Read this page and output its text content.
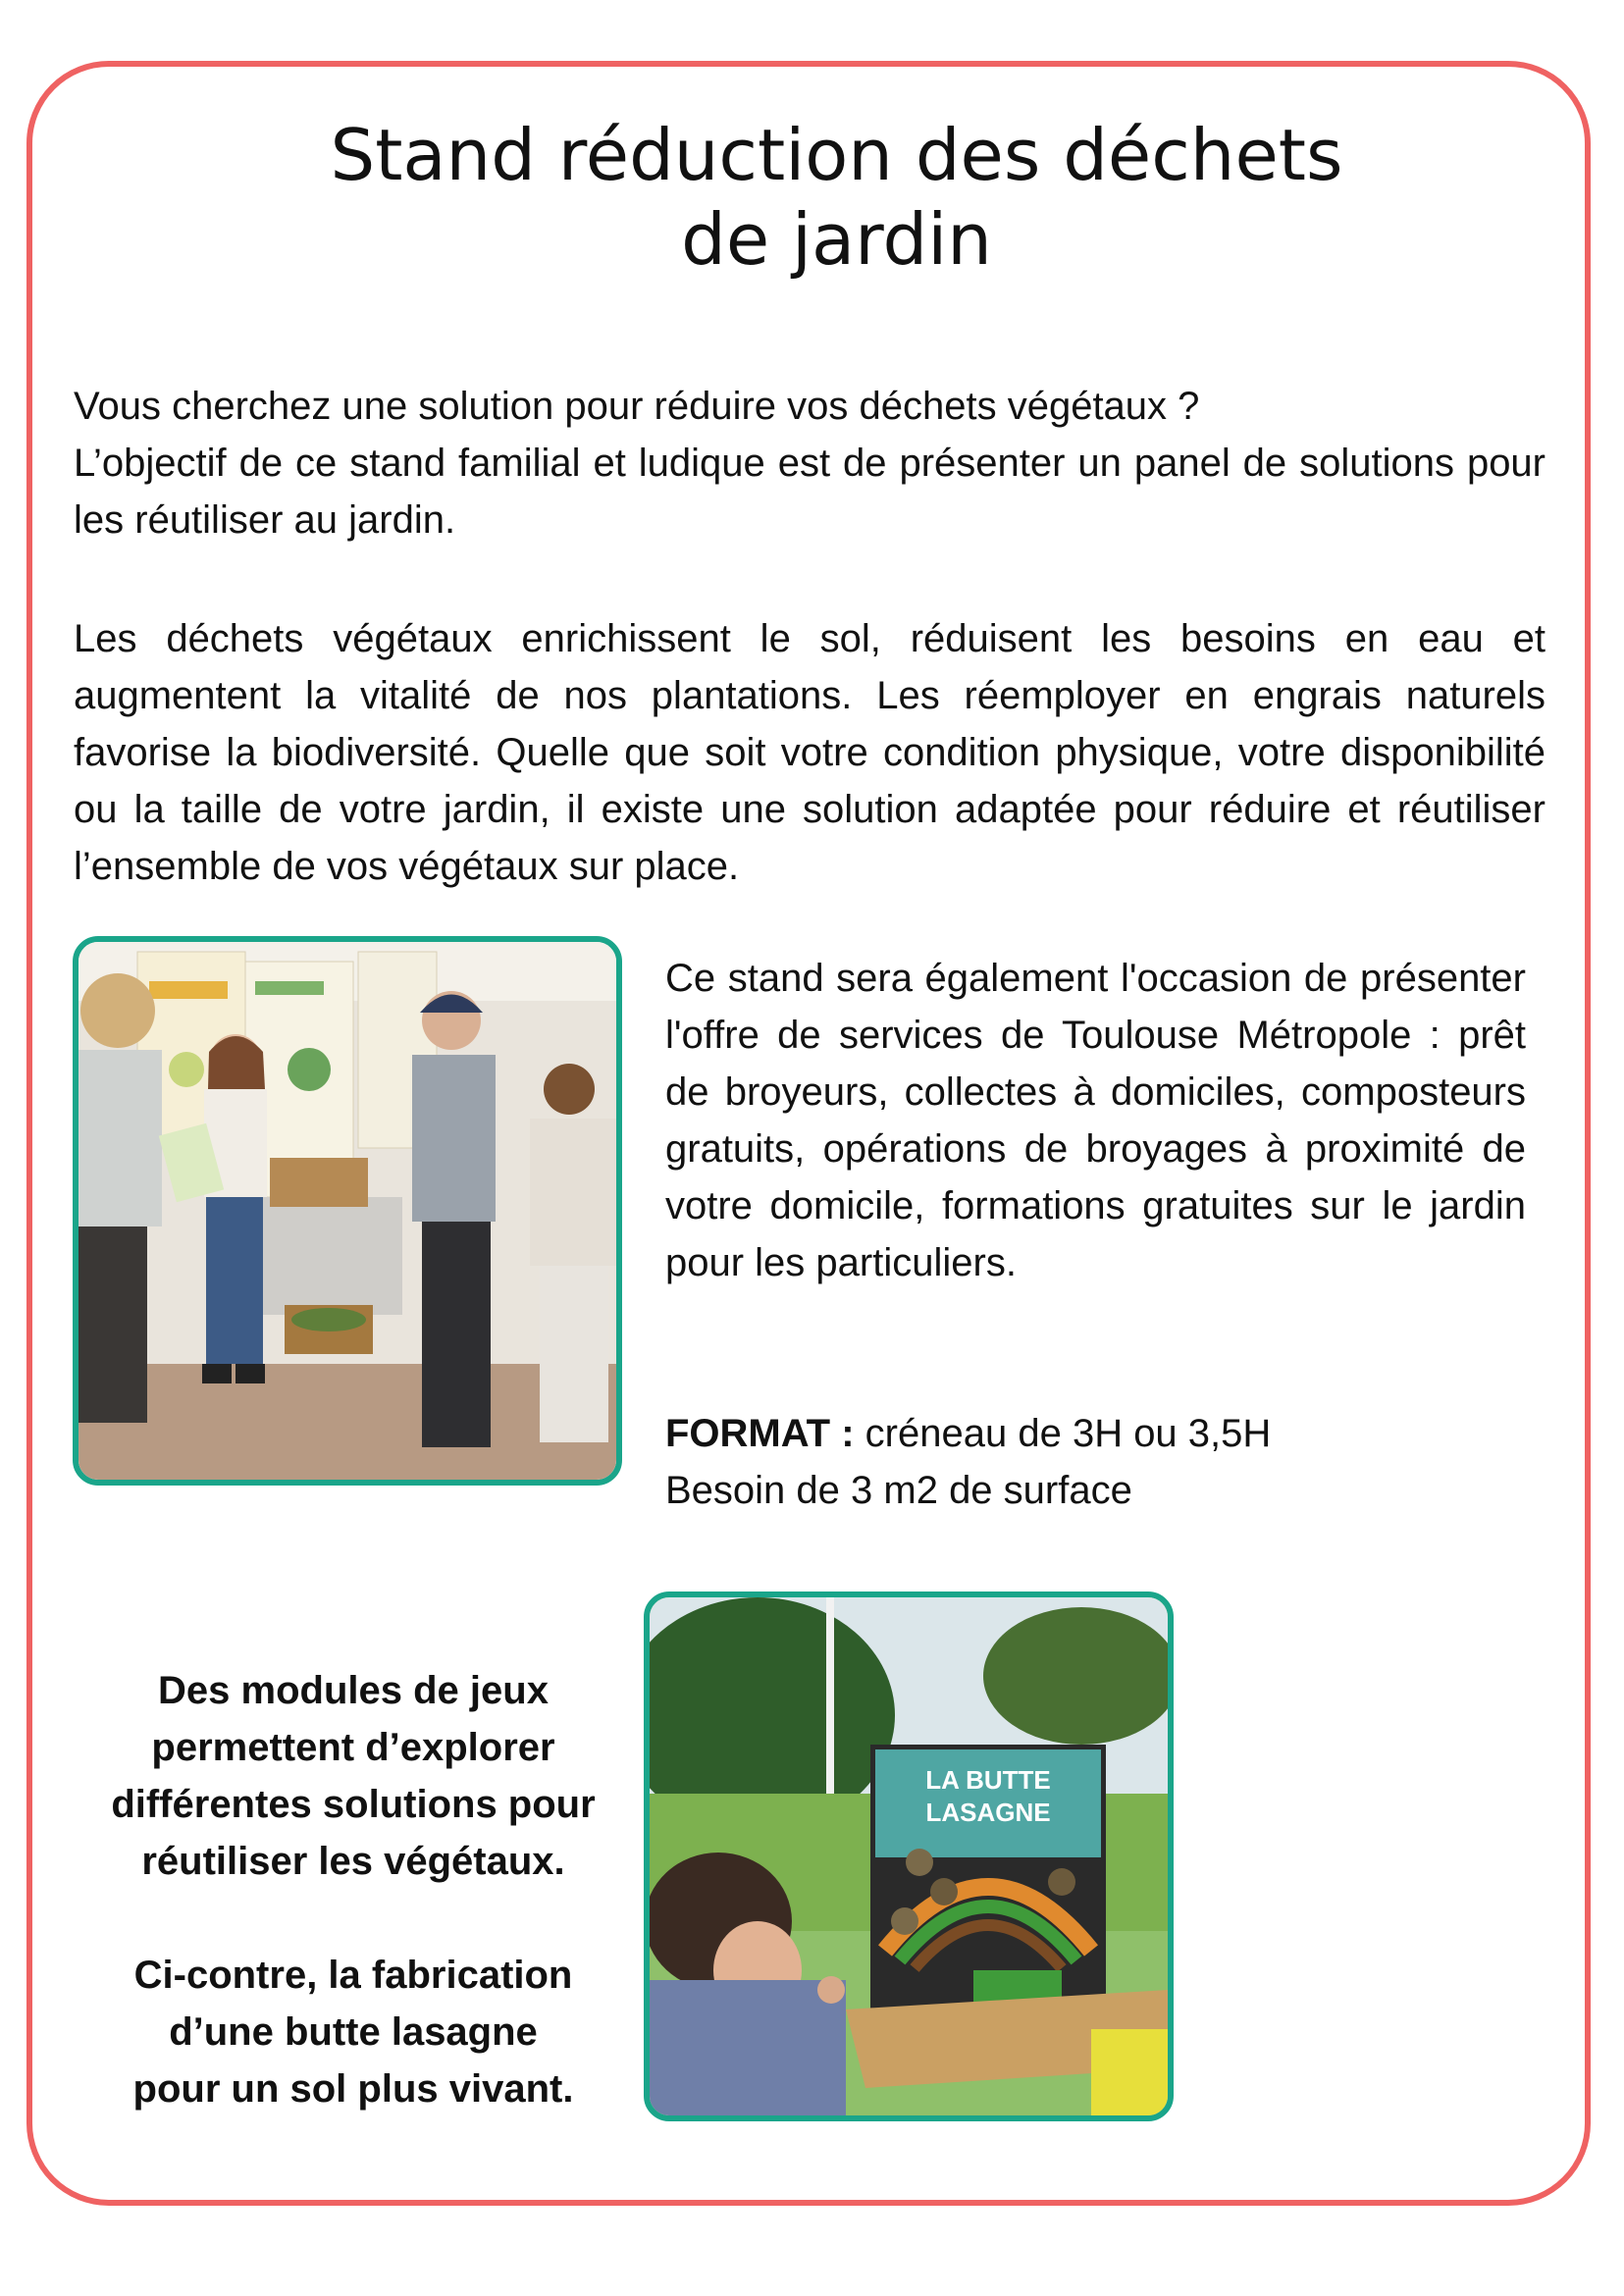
Stand réduction des déchets
de jardin

Vous cherchez une solution pour réduire vos déchets végétaux ?
L’objectif de ce stand familial et ludique est de présenter un panel de solutions pour les réutiliser au jardin.

Les déchets végétaux enrichissent le sol, réduisent les besoins en eau et augmentent la vitalité de nos plantations. Les réemployer en engrais naturels favorise la biodiversité. Quelle que soit votre condition physique, votre disponibilité ou la taille de votre jardin, il existe une solution adaptée pour réduire et réutiliser l’ensemble de vos végétaux sur place.

Ce stand sera également l'occasion de présenter l'offre de services de Toulouse Métropole : prêt de broyeurs, collectes à domiciles, composteurs gratuits, opérations de broyages à proximité de votre domicile, formations gratuites sur le jardin pour les particuliers.

FORMAT : créneau de 3H ou 3,5H
Besoin de 3 m2 de surface

Des modules de jeux
permettent d’explorer
différentes solutions pour
réutiliser les végétaux.
Ci-contre, la fabrication
d’une butte lasagne
pour un sol plus vivant.
LA BUTTE
LASAGNE
